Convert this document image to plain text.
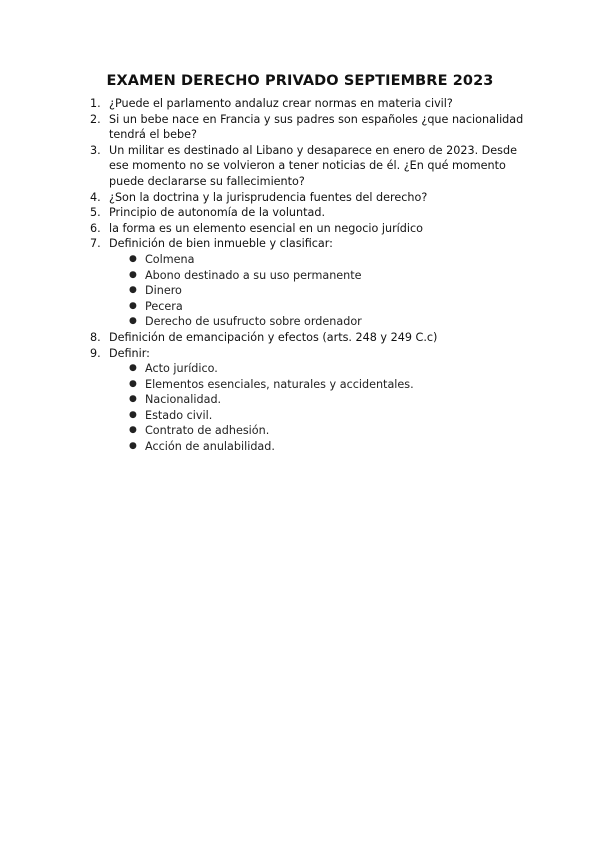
EXAMEN DERECHO PRIVADO SEPTIEMBRE 2023
1. ¿Puede el parlamento andaluz crear normas en materia civil?
2. Si un bebe nace en Francia y sus padres son españoles ¿que nacionalidad tendrá el bebe?
3. Un militar es destinado al Libano y desaparece en enero de 2023. Desde ese momento no se volvieron a tener noticias de él. ¿En qué momento puede declararse su fallecimiento?
4. ¿Son la doctrina y la jurisprudencia fuentes del derecho?
5. Principio de autonomía de la voluntad.
6. la forma es un elemento esencial en un negocio jurídico
7. Definición de bien inmueble y clasificar:
● Colmena
● Abono destinado a su uso permanente
● Dinero
● Pecera
● Derecho de usufructo sobre ordenador
8. Definición de emancipación y efectos (arts. 248 y 249 C.c)
9. Definir:
● Acto jurídico.
● Elementos esenciales, naturales y accidentales.
● Nacionalidad.
● Estado civil.
● Contrato de adhesión.
● Acción de anulabilidad.
